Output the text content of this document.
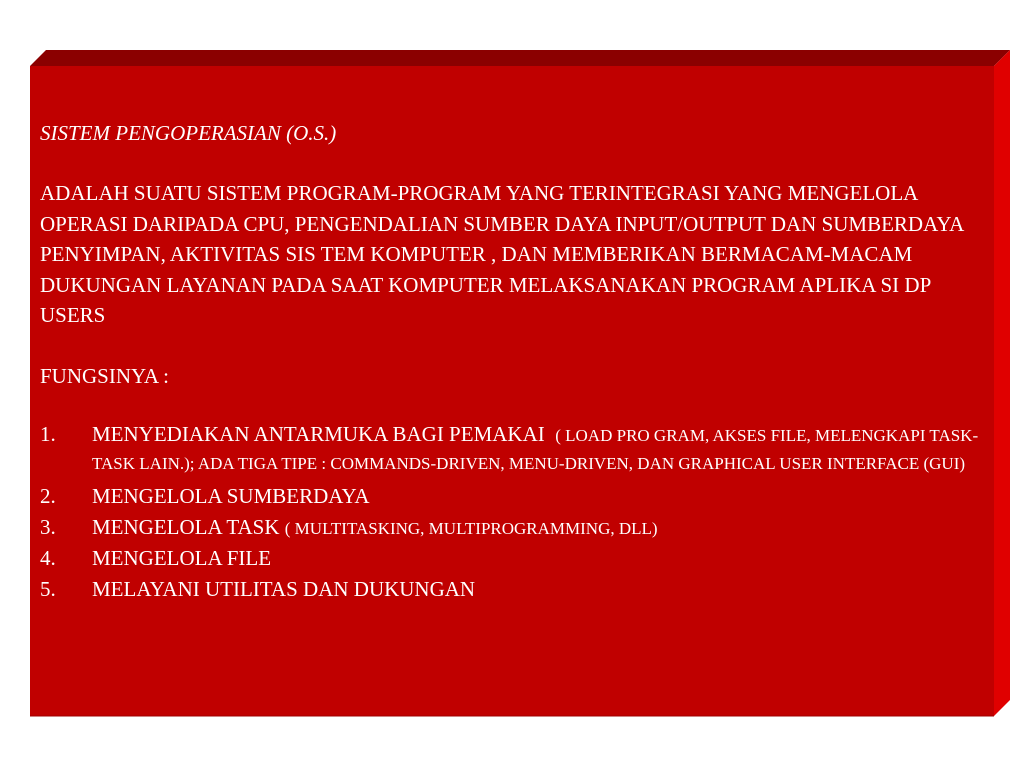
SISTEM PENGOPERASIAN (O.S.)
ADALAH SUATU SISTEM PROGRAM-PROGRAM YANG TERINTEGRASI YANG MENGELOLA OPERASI DARIPADA CPU, PENGENDALIAN SUMBER DAYA INPUT/OUTPUT DAN SUMBERDAYA PENYIMPAN, AKTIVITAS SIS TEM KOMPUTER , DAN MEMBERIKAN BERMACAM-MACAM DUKUNGAN LAYANAN PADA SAAT KOMPUTER MELAKSANAKAN PROGRAM APLIKA SI DP USERS
FUNGSINYA :
1.	MENYEDIAKAN ANTARMUKA BAGI PEMAKAI ( LOAD PRO GRAM, AKSES FILE, MELENGKAPI TASK-TASK LAIN.); ADA TIGA TIPE : COMMANDS-DRIVEN, MENU-DRIVEN, DAN GRAPHICAL USER INTERFACE (GUI)
2.	MENGELOLA SUMBERDAYA
3.	MENGELOLA TASK ( MULTITASKING, MULTIPROGRAMMING, DLL)
4.	MENGELOLA FILE
5.	MELAYANI UTILITAS DAN DUKUNGAN
